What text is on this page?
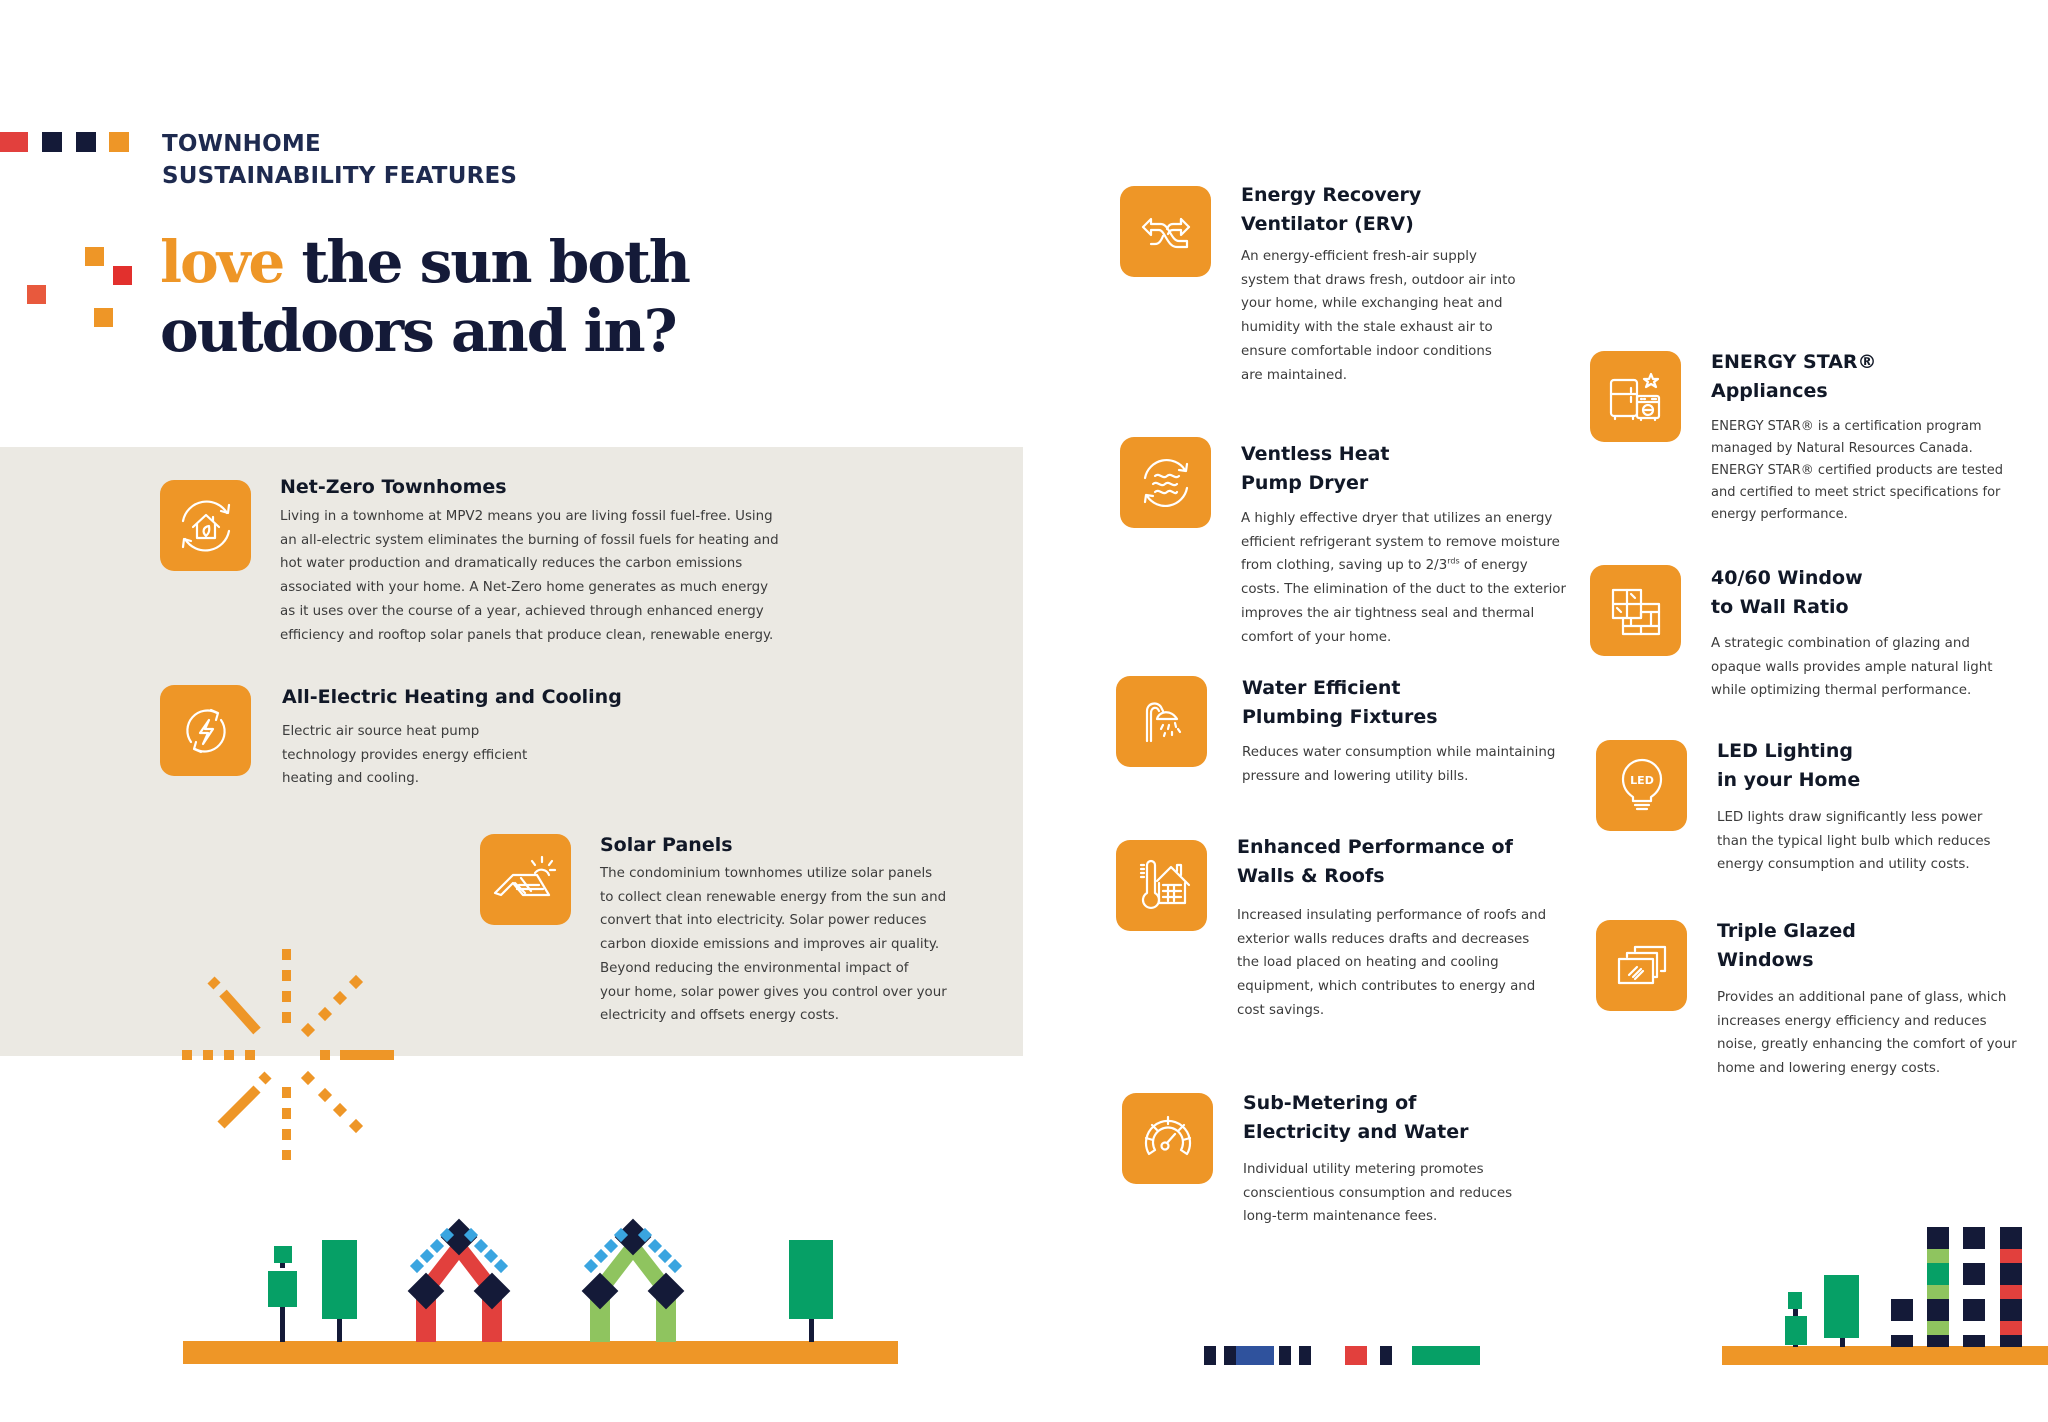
TOWNHOME
SUSTAINABILITY FEATURES
love the sun both
outdoors and in?
Net-Zero Townhomes
Living in a townhome at MPV2 means you are living fossil fuel-free. Using
an all-electric system eliminates the burning of fossil fuels for heating and
hot water production and dramatically reduces the carbon emissions
associated with your home. A Net-Zero home generates as much energy
as it uses over the course of a year, achieved through enhanced energy
efficiency and rooftop solar panels that produce clean, renewable energy.
All-Electric Heating and Cooling
Electric air source heat pump
technology provides energy efficient
heating and cooling.
Solar Panels
The condominium townhomes utilize solar panels
to collect clean renewable energy from the sun and
convert that into electricity. Solar power reduces
carbon dioxide emissions and improves air quality.
Beyond reducing the environmental impact of
your home, solar power gives you control over your
electricity and offsets energy costs.
Energy Recovery
Ventilator (ERV)
An energy-efficient fresh-air supply
system that draws fresh, outdoor air into
your home, while exchanging heat and
humidity with the stale exhaust air to
ensure comfortable indoor conditions
are maintained.
Ventless Heat
Pump Dryer
A highly effective dryer that utilizes an energy
efficient refrigerant system to remove moisture
from clothing, saving up to $2/3^{rds}$ of energy
costs. The elimination of the duct to the exterior
improves the air tightness seal and thermal
comfort of your home.
Water Efficient
Plumbing Fixtures
Reduces water consumption while maintaining
pressure and lowering utility bills.
Enhanced Performance of
Walls & Roofs
Increased insulating performance of roofs and
exterior walls reduces drafts and decreases
the load placed on heating and cooling
equipment, which contributes to energy and
cost savings.
Sub-Metering of
Electricity and Water
Individual utility metering promotes
conscientious consumption and reduces
long-term maintenance fees.
ENERGY STAR®
Appliances
ENERGY STAR® is a certification program
managed by Natural Resources Canada.
ENERGY STAR® certified products are tested
and certified to meet strict specifications for
energy performance.
40/60 Window
to Wall Ratio
A strategic combination of glazing and
opaque walls provides ample natural light
while optimizing thermal performance.
LED
LED Lighting
in your Home
LED lights draw significantly less power
than the typical light bulb which reduces
energy consumption and utility costs.
Triple Glazed
Windows
Provides an additional pane of glass, which
increases energy efficiency and reduces
noise, greatly enhancing the comfort of your
home and lowering energy costs.
